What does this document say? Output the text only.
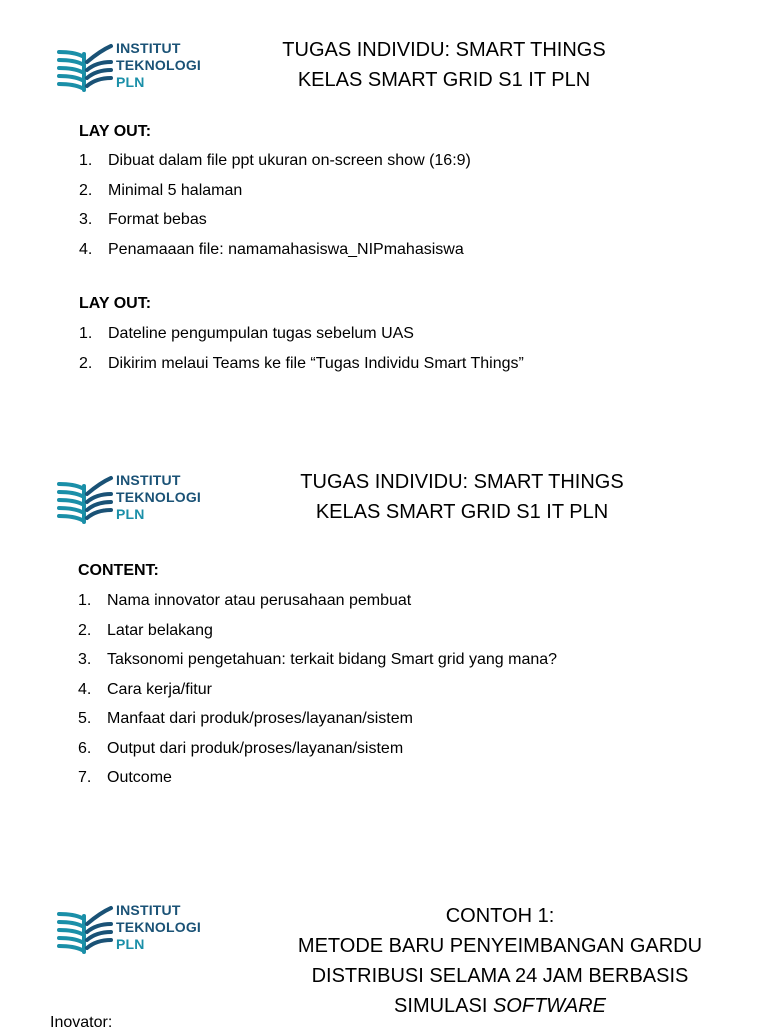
INSTITUT
TEKNOLOGI
PLN
TUGAS INDIVIDU: SMART THINGS
KELAS SMART GRID S1 IT PLN
LAY OUT:
1. Dibuat dalam file ppt ukuran on-screen show (16:9)
2. Minimal 5 halaman
3. Format bebas
4. Penamaaan file: namamahasiswa_NIPmahasiswa
LAY OUT:
1. Dateline pengumpulan tugas sebelum UAS
2. Dikirim melaui Teams ke file “Tugas Individu Smart Things”
INSTITUT
TEKNOLOGI
PLN
TUGAS INDIVIDU: SMART THINGS
KELAS SMART GRID S1 IT PLN
CONTENT:
1. Nama innovator atau perusahaan pembuat
2. Latar belakang
3. Taksonomi pengetahuan: terkait bidang Smart grid yang mana?
4. Cara kerja/fitur
5. Manfaat dari produk/proses/layanan/sistem
6. Output dari produk/proses/layanan/sistem
7. Outcome
INSTITUT
TEKNOLOGI
PLN
CONTOH 1:
METODE BARU PENYEIMBANGAN GARDU
DISTRIBUSI SELAMA 24 JAM BERBASIS
SIMULASI SOFTWARE
Inovator:
